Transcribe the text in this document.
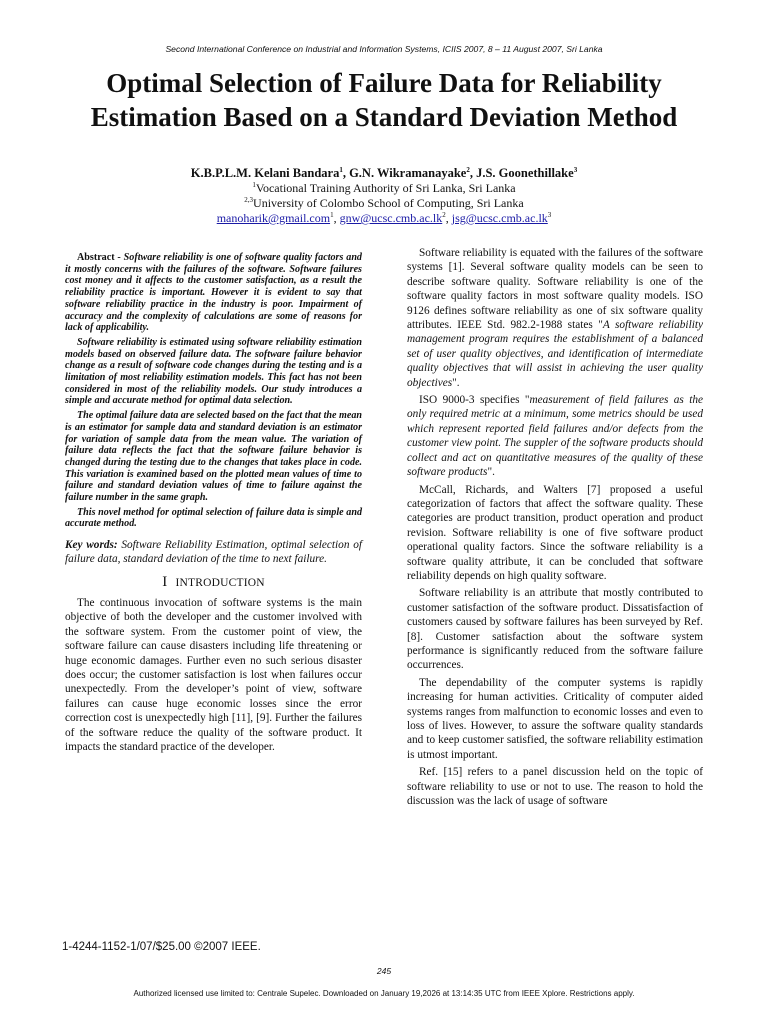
Second International Conference on Industrial and Information Systems, ICIIS 2007, 8 – 11 August 2007, Sri Lanka
Optimal Selection of Failure Data for Reliability Estimation Based on a Standard Deviation Method
K.B.P.L.M. Kelani Bandara$^1$, G.N. Wikramanayake$^2$, J.S. Goonethillake$^3$
$^1$Vocational Training Authority of Sri Lanka, Sri Lanka
$^{2,3}$University of Colombo School of Computing, Sri Lanka
manoharik@gmail.com$^1$, $gnw@ucsc.cmb.ac.lk^2$, $jsg@ucsc.cmb.ac.lk^3$

Abstract - Software reliability is one of software quality factors and it mostly concerns with the failures of the software. Software failures cost money and it affects to the customer satisfaction, as a result the reliability practice is important. However it is evident to say that software reliability practice in the industry is poor. Impairment of accuracy and the complexity of calculations are some of reasons for lack of applicability.

Software reliability is estimated using software reliability estimation models based on observed failure data. The software failure behavior change as a result of software code changes during the testing and is a limitation of most reliability estimation models. This fact has not been considered in most of the reliability models. Our study introduces a simple and accurate method for optimal data selection.

The optimal failure data are selected based on the fact that the mean is an estimator for sample data and standard deviation is an estimator for variation of sample data from the mean value. The variation of failure data reflects the fact that the software failure behavior is changed during the testing due to the changes that takes place in code. This variation is examined based on the plotted mean values of time to failure and standard deviation values of time to failure against the failure number in the same graph.

This novel method for optimal selection of failure data is simple and accurate method.

Key words: Software Reliability Estimation, optimal selection of failure data, standard deviation of the time to next failure.

I INTRODUCTION

The continuous invocation of software systems is the main objective of both the developer and the customer involved with the software system. From the customer point of view, the software failure can cause disasters including life threatening or huge economic damages. Further even no such serious disaster does occur; the customer satisfaction is lost when failures occur unexpectedly. From the developer’s point of view, software failures can cause huge economic losses since the error correction cost is unexpectedly high [11], [9]. Further the failures of the software reduce the quality of the software product. It impacts the standard practice of the developer.

Software reliability is equated with the failures of the software systems [1]. Several software quality models can be seen to describe software quality. Software reliability is one of the software quality factors in most software quality models. ISO 9126 defines software reliability as one of six software quality attributes. IEEE Std. 982.2-1988 states "A software reliability management program requires the establishment of a balanced set of user quality objectives, and identification of intermediate quality objectives that will assist in achieving the user quality objectives".

ISO 9000-3 specifies "measurement of field failures as the only required metric at a minimum, some metrics should be used which represent reported field failures and/or defects from the customer view point. The suppler of the software products should collect and act on quantitative measures of the quality of these software products".

McCall, Richards, and Walters [7] proposed a useful categorization of factors that affect the software quality. These categories are product transition, product operation and product revision. Software reliability is one of five software product operational quality factors. Since the software reliability is a software quality attribute, it can be concluded that software reliability depends on high quality software.

Software reliability is an attribute that mostly contributed to customer satisfaction of the software product. Dissatisfaction of customers caused by software failures has been surveyed by Ref. [8]. Customer satisfaction about the software system performance is significantly reduced from the software failure occurrences.

The dependability of the computer systems is rapidly increasing for human activities. Criticality of computer aided systems ranges from malfunction to economic losses and even to loss of lives. However, to assure the software quality standards and to keep customer satisfied, the software reliability estimation is utmost important.

Ref. [15] refers to a panel discussion held on the topic of software reliability to use or not to use. The reason to hold the discussion was the lack of usage of software

1-4244-1152-1/07/$25.00 ©2007 IEEE.
245
Authorized licensed use limited to: Centrale Supelec. Downloaded on January 19,2026 at 13:14:35 UTC from IEEE Xplore. Restrictions apply.
